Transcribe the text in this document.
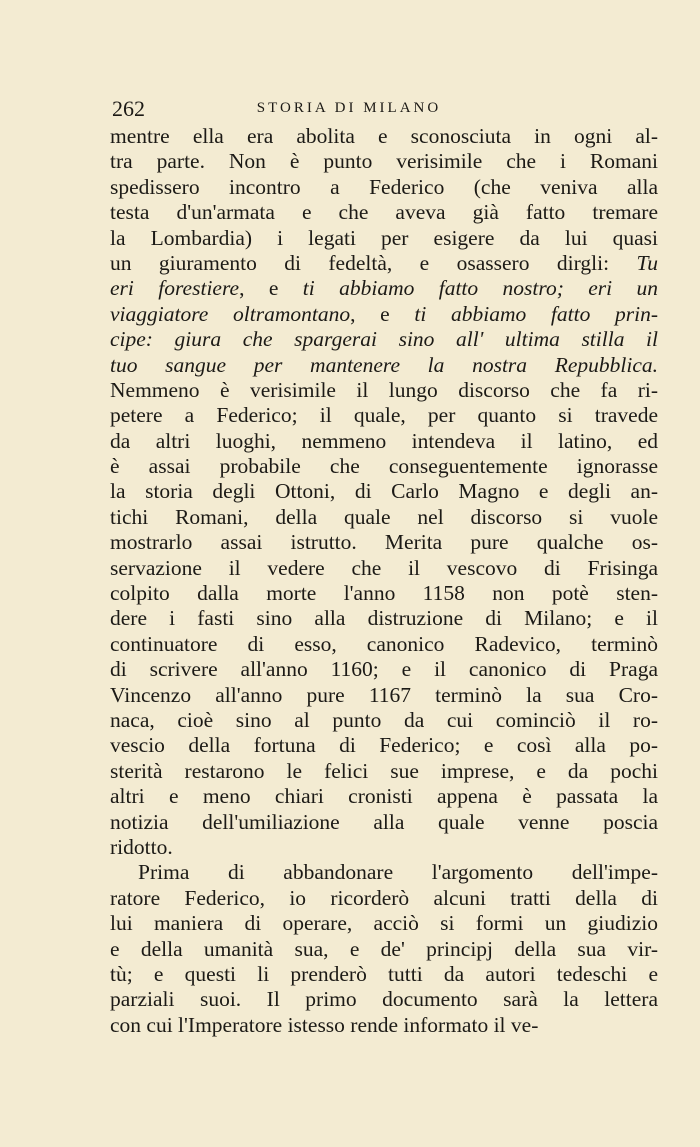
262	STORIA DI MILANO
mentre ella era abolita e sconosciuta in ogni al-
tra parte. Non è punto verisimile che i Romani
spedissero incontro a Federico (che veniva alla
testa d'un'armata e che aveva già fatto tremare
la Lombardia) i legati per esigere da lui quasi
un giuramento di fedeltà, e osassero dirgli: Tu
eri forestiere, e ti abbiamo fatto nostro; eri un
viaggiatore oltramontano, e ti abbiamo fatto prin-
cipe: giura che spargerai sino all' ultima stilla il
tuo sangue per mantenere la nostra Repubblica.
Nemmeno è verisimile il lungo discorso che fa ri-
petere a Federico; il quale, per quanto si travede
da altri luoghi, nemmeno intendeva il latino, ed
è assai probabile che conseguentemente ignorasse
la storia degli Ottoni, di Carlo Magno e degli an-
tichi Romani, della quale nel discorso si vuole
mostrarlo assai istrutto. Merita pure qualche os-
servazione il vedere che il vescovo di Frisinga
colpito dalla morte l'anno 1158 non potè sten-
dere i fasti sino alla distruzione di Milano; e il
continuatore di esso, canonico Radevico, terminò
di scrivere all'anno 1160; e il canonico di Praga
Vincenzo all'anno pure 1167 terminò la sua Cro-
naca, cioè sino al punto da cui cominciò il ro-
vescio della fortuna di Federico; e così alla po-
sterità restarono le felici sue imprese, e da pochi
altri e meno chiari cronisti appena è passata la
notizia dell'umiliazione alla quale venne poscia
ridotto.
Prima di abbandonare l'argomento dell'impe-
ratore Federico, io ricorderò alcuni tratti della di
lui maniera di operare, acciò si formi un giudizio
e della umanità sua, e de' principj della sua vir-
tù; e questi li prenderò tutti da autori tedeschi e
parziali suoi. Il primo documento sarà la lettera
con cui l'Imperatore istesso rende informato il ve-
